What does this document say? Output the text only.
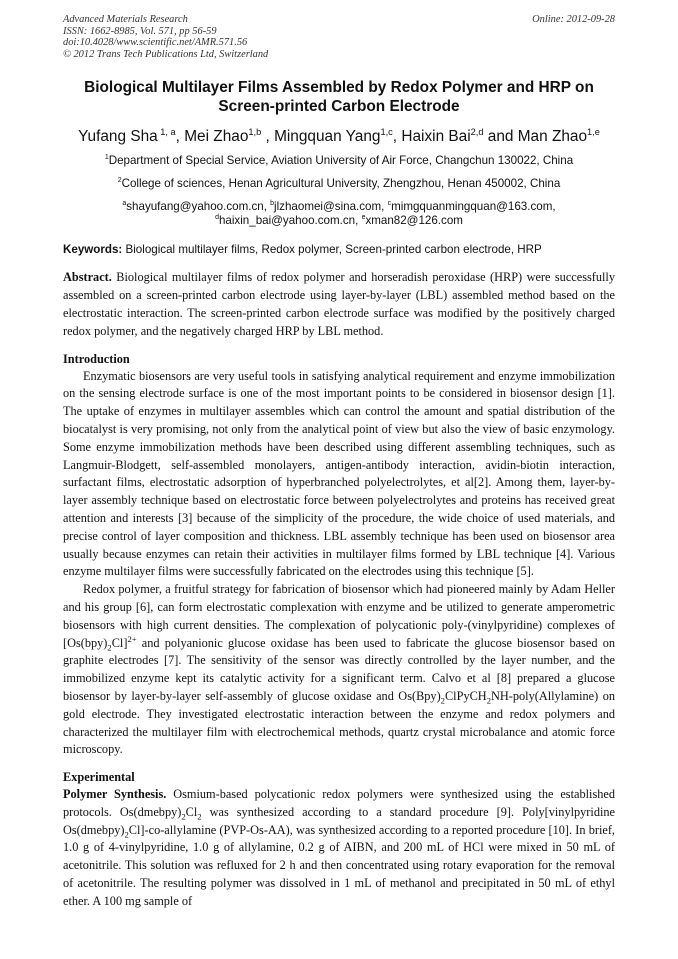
Advanced Materials Research
ISSN: 1662-8985, Vol. 571, pp 56-59
doi:10.4028/www.scientific.net/AMR.571.56
© 2012 Trans Tech Publications Ltd, Switzerland
Online: 2012-09-28
Biological Multilayer Films Assembled by Redox Polymer and HRP on Screen-printed Carbon Electrode
Yufang Sha $^{1, a}$, Mei Zhao$^{1,b}$ , Mingquan Yang$^{1,c}$, Haixin Bai$^{2,d}$ and Man Zhao$^{1,e}$
$^1$Department of Special Service, Aviation University of Air Force, Changchun 130022, China
$^2$College of sciences, Henan Agricultural University, Zhengzhou, Henan 450002, China
$^a$shayufang@yahoo.com.cn, $^b$jlzhaomei@sina.com, $^c$mimgquanmingquan@163.com,
$^d$haixin_bai@yahoo.com.cn, $^e$xman82@126.com
Keywords: Biological multilayer films, Redox polymer, Screen-printed carbon electrode, HRP

Abstract. Biological multilayer films of redox polymer and horseradish peroxidase (HRP) were successfully assembled on a screen-printed carbon electrode using layer-by-layer (LBL) assembled method based on the electrostatic interaction. The screen-printed carbon electrode surface was modified by the positively charged redox polymer, and the negatively charged HRP by LBL method.

Introduction

Enzymatic biosensors are very useful tools in satisfying analytical requirement and enzyme immobilization on the sensing electrode surface is one of the most important points to be considered in biosensor design [1]. The uptake of enzymes in multilayer assembles which can control the amount and spatial distribution of the biocatalyst is very promising, not only from the analytical point of view but also the view of basic enzymology. Some enzyme immobilization methods have been described using different assembling techniques, such as Langmuir-Blodgett, self-assembled monolayers, antigen-antibody interaction, avidin-biotin interaction, surfactant films, electrostatic adsorption of hyperbranched polyelectrolytes, et al[2]. Among them, layer-by-layer assembly technique based on electrostatic force between polyelectrolytes and proteins has received great attention and interests [3] because of the simplicity of the procedure, the wide choice of used materials, and precise control of layer composition and thickness. LBL assembly technique has been used on biosensor area usually because enzymes can retain their activities in multilayer films formed by LBL technique [4]. Various enzyme multilayer films were successfully fabricated on the electrodes using this technique [5].

Redox polymer, a fruitful strategy for fabrication of biosensor which had pioneered mainly by Adam Heller and his group [6], can form electrostatic complexation with enzyme and be utilized to generate amperometric biosensors with high current densities. The complexation of polycationic poly-(vinylpyridine) complexes of $[Os(bpy)_2Cl]^{2+}$ and polyanionic glucose oxidase has been used to fabricate the glucose biosensor based on graphite electrodes [7]. The sensitivity of the sensor was directly controlled by the layer number, and the immobilized enzyme kept its catalytic activity for a significant term. Calvo et al [8] prepared a glucose biosensor by layer-by-layer self-assembly of glucose oxidase and $Os(Bpy)_2ClPyCH_2NH-poly(Allylamine)$ on gold electrode. They investigated electrostatic interaction between the enzyme and redox polymers and characterized the multilayer film with electrochemical methods, quartz crystal microbalance and atomic force microscopy.

Experimental

Polymer Synthesis. Osmium-based polycationic redox polymers were synthesized using the established protocols. $Os(dmebpy)_2Cl_2$ was synthesized according to a standard procedure [9]. Poly[vinylpyridine $Os(dmebpy)_2Cl]-co$-allylamine (PVP-Os-AA), was synthesized according to a reported procedure [10]. In brief, 1.0 g of 4-vinylpyridine, 1.0 g of allylamine, 0.2 g of AIBN, and 200 mL of HCl were mixed in 50 mL of acetonitrile. This solution was refluxed for 2 h and then concentrated using rotary evaporation for the removal of acetonitrile. The resulting polymer was dissolved in 1 mL of methanol and precipitated in 50 mL of ethyl ether. A 100 mg sample of
